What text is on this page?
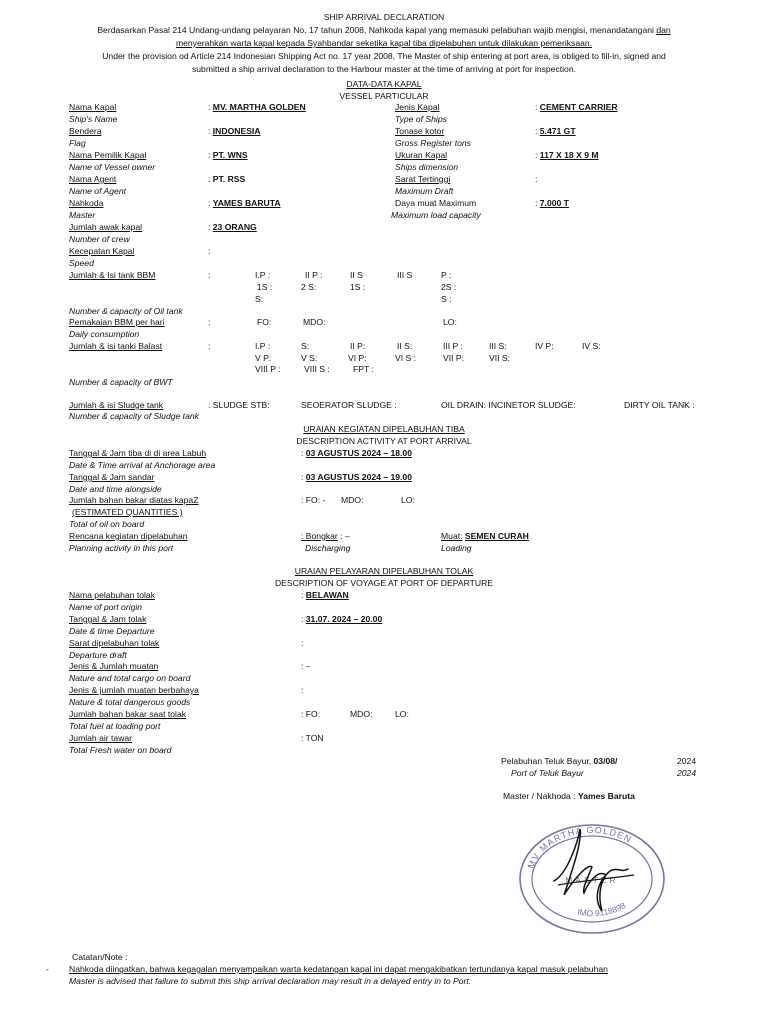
SHIP ARRIVAL DECLARATION
Berdasarkan Pasal 214 Undang-undang pelayaran No. 17 tahun 2008, Nahkoda kapal yang memasuki pelabuhan wajib mengisi, menandatangani dan
menyerahkan warta kapal kepada Syahbandar seketika kapal tiba dipelabuhan untuk dilakukan pemeriksaan.
Under the provision od Article 214 Indonesian Shipping Act no. 17 year 2008, The Master of ship entering at port area, is obliged to fill-in, signed and
submitted a ship arrival declaration to the Harbour master at the time of arriving at port for inspection.
DATA-DATA KAPAL
VESSEL PARTICULAR
Nama Kapal	: MV. MARTHA GOLDEN
Ship's Name
Bendera	: INDONESIA
Flag
Nama Pemilik Kapal	: PT. WNS
Name of Vessel owner
Nama Agent	: PT. RSS
Name of Agent
Nahkoda	: YAMES BARUTA
Master
Jumlah awak kapal	: 23 ORANG
Number of crew
Kecepatan Kapal	:
Speed
Jenis Kapal	: CEMENT CARRIER
Type of Ships
Tonase kotor	: 5.471 GT
Gross Register tons
Ukuran Kapal	: 117 X 18 X 9 M
Ships dimension
Sarat Tertinggi	:
Maximum Draft
Daya muat Maximum	: 7.000 T
Maximum load capacity
Jumlah & Isi tank BBM	:	I.P :	II P :	II S	III S	P :
1S :	2 S:	1S :	2S :
S:	S :
Number & capacity of Oil tank
Pemakaian BBM per hari	:	FO:	MDO:	LO:
Daily consumption
Jumlah & isi tanki Balast	:	I.P :	S:	II P:	II S:	III P :	III S:	IV P:	IV S:
V P:	V S:	VI P:	VI S :	VII P:	VII S:
VIII P :	VIII S :	FPT :
Number & capacity of BWT
Jumlah & isi Sludge tank	: SLUDGE STB:	SEOERATOR SLUDGE :	OIL DRAIN: INCINETOR SLUDGE:	DIRTY OIL TANK :
Number & capacity of Sludge tank
URAIAN KEGIATAN DIPELABUHAN TIBA
DESCRIPTION ACTIVITY AT PORT ARRIVAL
Tanggal & Jam tiba di di area Labuh	: 03 AGUSTUS 2024 – 18.00
Date & Time arrival at Anchorage area
Tanggal & Jam sandar	: 03 AGUSTUS 2024 – 19.00
Date and time alongside
Jumlah bahan bakar diatas kapaZ	: FO: - MDO:	LO:
(ESTIMATED QUANTITIES )
Total of oil on board
Rencana kegiatan dipelabuhan	: Bongkar : –	Muat: SEMEN CURAH
Planning activity in this port	Discharging	Loading
URAIAN PELAYARAN DIPELABUHAN TOLAK
DESCRIPTION OF VOYAGE AT PORT OF DEPARTURE
Nama pelabuhan tolak	: BELAWAN
Name of port origin
Tanggal & Jam tolak	: 31.07. 2024 – 20.00
Date & time Departure
Sarat dipelabuhan tolak	:
Departure draft
Jenis & Jumlah muatan	: –
Nature and total cargo on board
Jenis & jumlah muatan berbahaya	:
Nature & total dangerous goods
Jumlah bahan bakar saat tolak	: FO:	MDO:	LO:
Total fuel at loading port
Jumlah air tawar	: TON
Total Fresh water on board
Pelabuhan Teluk Bayur, 03/08/	2024
Port of Teluk Bayur	2024
Master / Nakhoda : Yames Baruta
MV MARTHA GOLDEN
MASTER
IMO 9118898
Catatan/Note :
- Nahkoda diingatkan, bahwa kegagalan menyampaikan warta kedatangan kapal ini dapat mengakibatkan tertundanya kapal masuk pelabuhan
Master is advised that failure to submit this ship arrival declaration may result in a delayed entry in to Port.
